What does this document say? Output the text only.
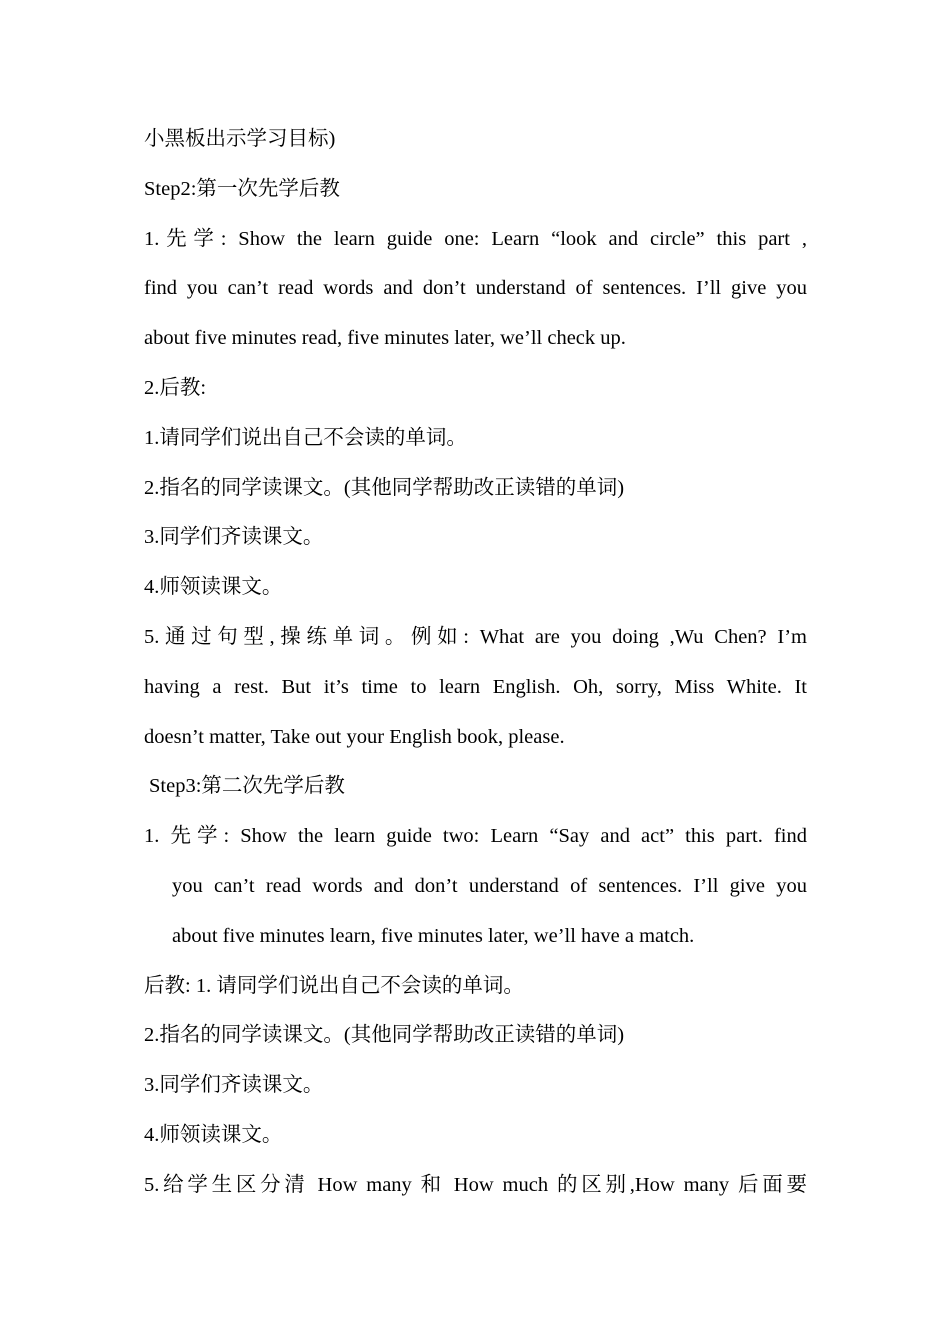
小黑板出示学习目标)
Step2:第一次先学后教
1.先学: Show the learn guide one: Learn “look and circle” this part ,
find you can’t read words and don’t understand of sentences. I’ll give you
about five minutes read, five minutes later, we’ll check up.
2.后教:
1.请同学们说出自己不会读的单词。
2.指名的同学读课文。(其他同学帮助改正读错的单词)
3.同学们齐读课文。
4.师领读课文。
5.通过句型,操练单词。例如: What are you doing ,Wu Chen? I’m
having a rest. But it’s time to learn English. Oh, sorry, Miss White. It
doesn’t matter, Take out your English book, please.
Step3:第二次先学后教
1. 先学: Show the learn guide two: Learn “Say and act” this part. find
you can’t read words and don’t understand of sentences. I’ll give you
about five minutes learn, five minutes later, we’ll have a match.
后教: 1. 请同学们说出自己不会读的单词。
2.指名的同学读课文。(其他同学帮助改正读错的单词)
3.同学们齐读课文。
4.师领读课文。
5.给学生区分清 How many 和 How much 的区别,How many 后面要
